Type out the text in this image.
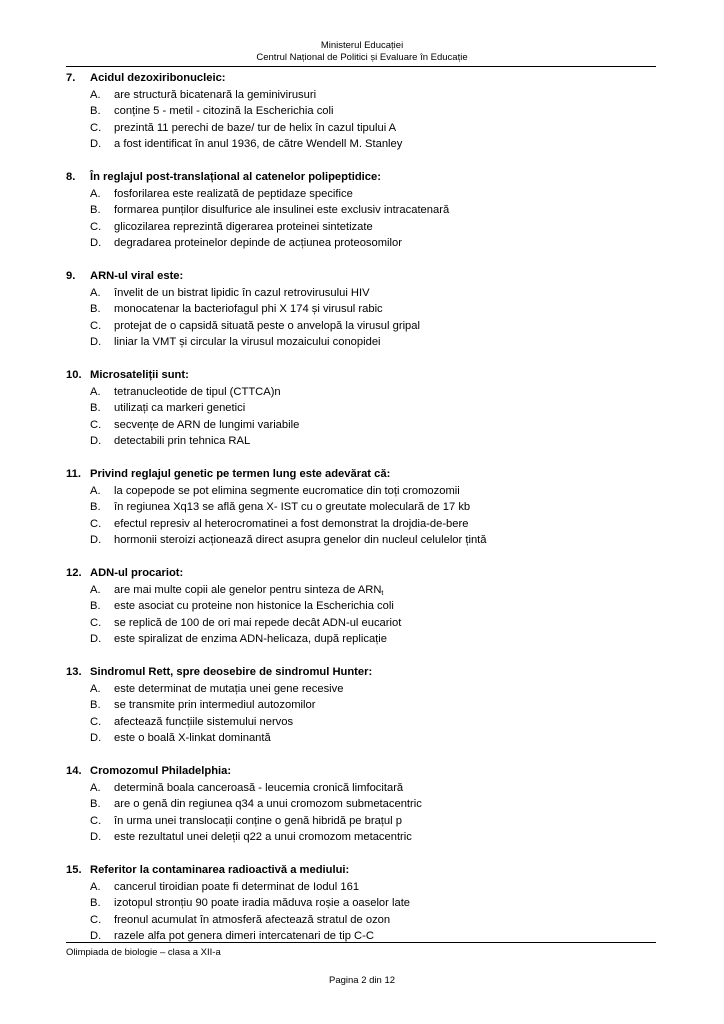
Ministerul Educației
Centrul Național de Politici și Evaluare în Educație
7. Acidul dezoxiribonucleic:
A. are structură bicatenară la geminivirusuri
B. conține 5 - metil - citozină la Escherichia coli
C. prezintă 11 perechi de baze/ tur de helix în cazul tipului A
D. a fost identificat în anul 1936, de către Wendell M. Stanley
8. În reglajul post-translațional al catenelor polipeptidice:
A. fosforilarea este realizată de peptidaze specifice
B. formarea punților disulfurice ale insulinei este exclusiv intracatenară
C. glicozilarea reprezintă digerarea proteinei sintetizate
D. degradarea proteinelor depinde de acțiunea proteosomilor
9. ARN-ul viral este:
A. învelit de un bistrat lipidic în cazul retrovirusului HIV
B. monocatenar la bacteriofagul phi X 174 și virusul rabic
C. protejat de o capsidă situată peste o anvelopă la virusul gripal
D. liniar la VMT și circular la virusul mozaicului conopidei
10. Microsateliții sunt:
A. tetranucleotide de tipul (CTTCA)n
B. utilizați ca markeri genetici
C. secvențe de ARN de lungimi variabile
D. detectabili prin tehnica RAL
11. Privind reglajul genetic pe termen lung este adevărat că:
A. la copepode se pot elimina segmente eucromatice din toți cromozomii
B. în regiunea Xq13 se află gena X- IST cu o greutate moleculară de 17 kb
C. efectul represiv al heterocromatinei a fost demonstrat la drojdia-de-bere
D. hormonii steroizi acționează direct asupra genelor din nucleul celulelor țintă
12. ADN-ul procariot:
A. are mai multe copii ale genelor pentru sinteza de $ARN_t$
B. este asociat cu proteine non histonice la Escherichia coli
C. se replică de 100 de ori mai repede decât ADN-ul eucariot
D. este spiralizat de enzima ADN-helicaza, după replicație
13. Sindromul Rett, spre deosebire de sindromul Hunter:
A. este determinat de mutația unei gene recesive
B. se transmite prin intermediul autozomilor
C. afectează funcțiile sistemului nervos
D. este o boală X-linkat dominantă
14. Cromozomul Philadelphia:
A. determină boala canceroasă - leucemia cronică limfocitară
B. are o genă din regiunea q34 a unui cromozom submetacentric
C. în urma unei translocații conține o genă hibridă pe brațul p
D. este rezultatul unei deleții q22 a unui cromozom metacentric
15. Referitor la contaminarea radioactivă a mediului:
A. cancerul tiroidian poate fi determinat de Iodul 161
B. izotopul stronțiu 90 poate iradia măduva roșie a oaselor late
C. freonul acumulat în atmosferă afectează stratul de ozon
D. razele alfa pot genera dimeri intercatenari de tip C-C
Olimpiada de biologie – clasa a XII-a
Pagina 2 din 12
